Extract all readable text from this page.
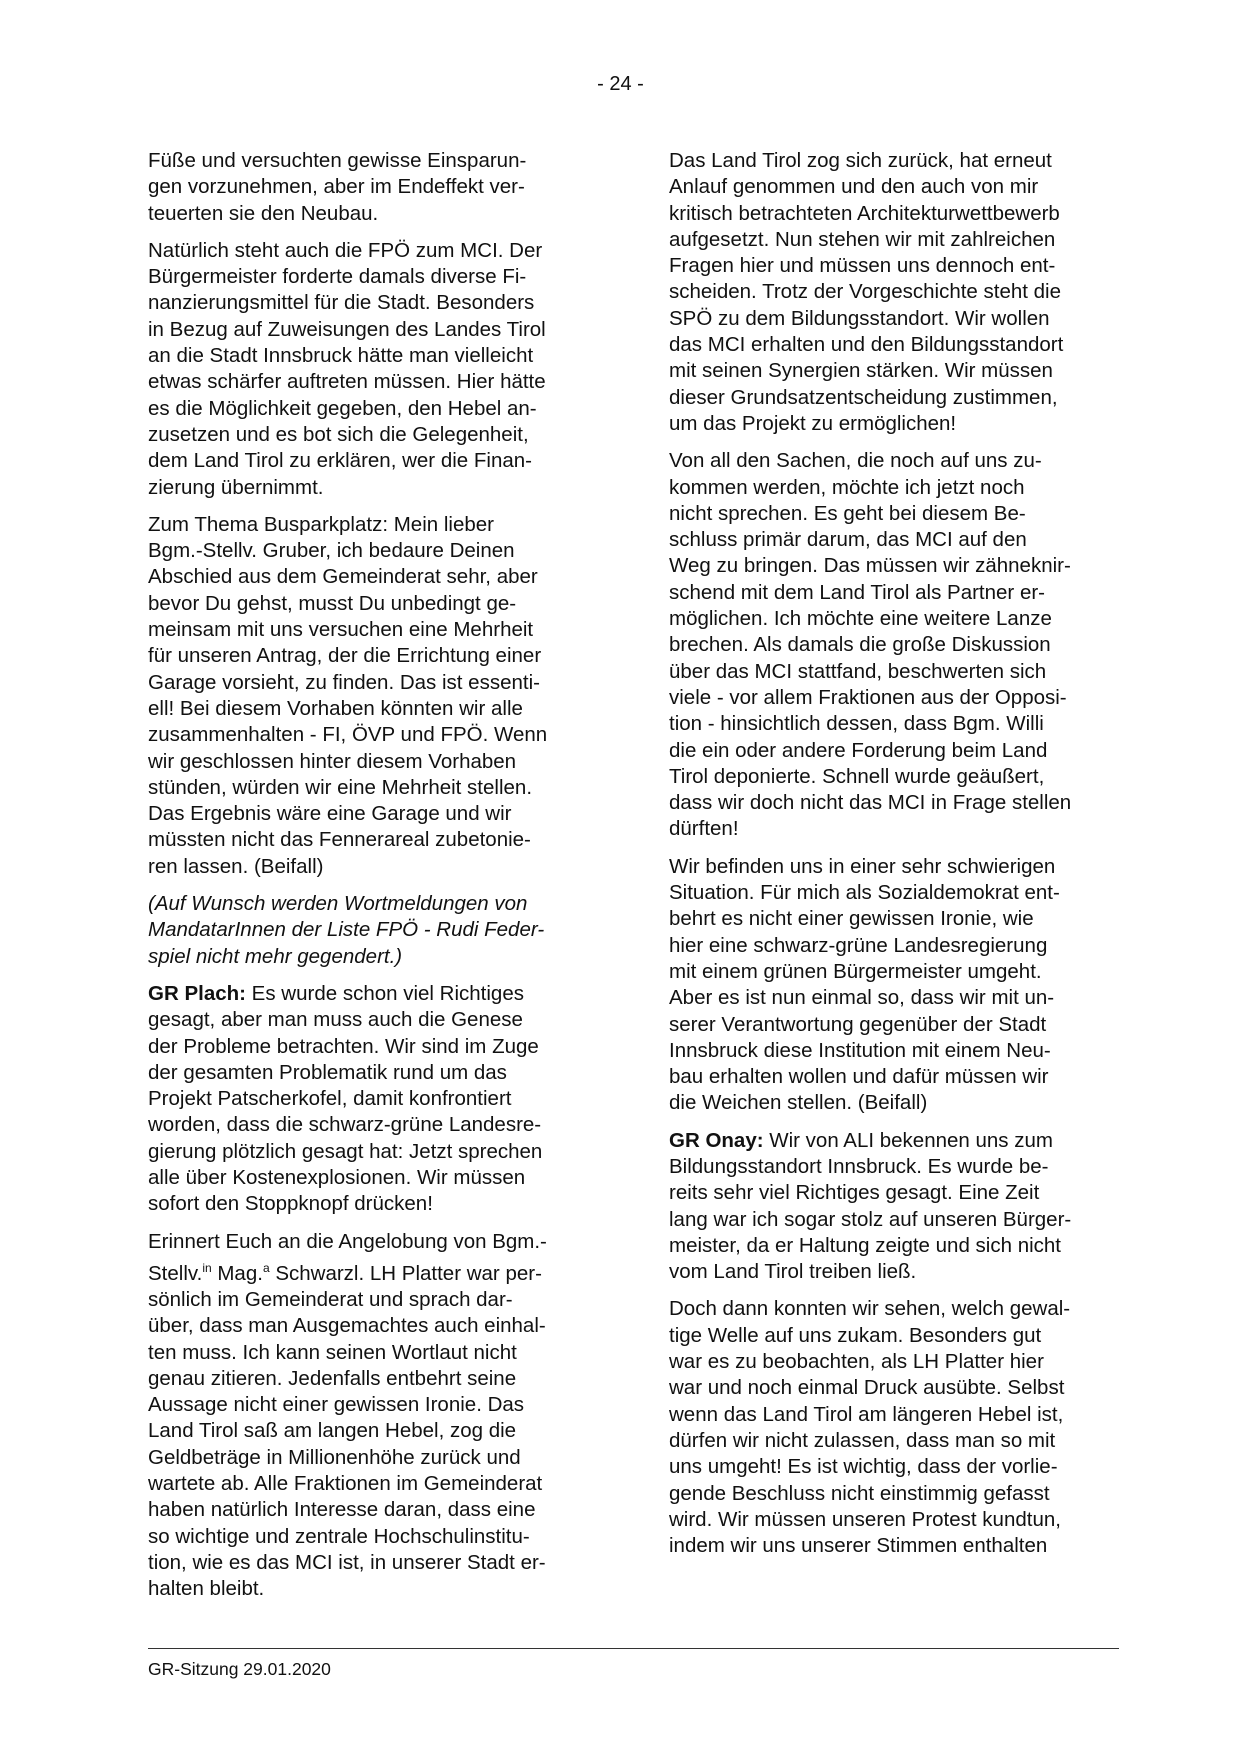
- 24 -

Füße und versuchten gewisse Einsparun-
gen vorzunehmen, aber im Endeffekt ver-
teuerten sie den Neubau.

Natürlich steht auch die FPÖ zum MCI. Der
Bürgermeister forderte damals diverse Fi-
nanzierungsmittel für die Stadt. Besonders
in Bezug auf Zuweisungen des Landes Tirol
an die Stadt Innsbruck hätte man vielleicht
etwas schärfer auftreten müssen. Hier hätte
es die Möglichkeit gegeben, den Hebel an-
zusetzen und es bot sich die Gelegenheit,
dem Land Tirol zu erklären, wer die Finan-
zierung übernimmt.

Zum Thema Busparkplatz: Mein lieber
Bgm.-Stellv. Gruber, ich bedaure Deinen
Abschied aus dem Gemeinderat sehr, aber
bevor Du gehst, musst Du unbedingt ge-
meinsam mit uns versuchen eine Mehrheit
für unseren Antrag, der die Errichtung einer
Garage vorsieht, zu finden. Das ist essenti-
ell! Bei diesem Vorhaben könnten wir alle
zusammenhalten - FI, ÖVP und FPÖ. Wenn
wir geschlossen hinter diesem Vorhaben
stünden, würden wir eine Mehrheit stellen.
Das Ergebnis wäre eine Garage und wir
müssten nicht das Fennerareal zubetonie-
ren lassen. (Beifall)

(Auf Wunsch werden Wortmeldungen von
MandatarInnen der Liste FPÖ - Rudi Feder-
spiel nicht mehr gegendert.)

GR Plach: Es wurde schon viel Richtiges
gesagt, aber man muss auch die Genese
der Probleme betrachten. Wir sind im Zuge
der gesamten Problematik rund um das
Projekt Patscherkofel, damit konfrontiert
worden, dass die schwarz-grüne Landesre-
gierung plötzlich gesagt hat: Jetzt sprechen
alle über Kostenexplosionen. Wir müssen
sofort den Stoppknopf drücken!

Erinnert Euch an die Angelobung von Bgm.-
Stellv.$^{in}$ Mag.$^a$ Schwarzl. LH Platter war per-
sönlich im Gemeinderat und sprach dar-
über, dass man Ausgemachtes auch einhal-
ten muss. Ich kann seinen Wortlaut nicht
genau zitieren. Jedenfalls entbehrt seine
Aussage nicht einer gewissen Ironie. Das
Land Tirol saß am langen Hebel, zog die
Geldbeträge in Millionenhöhe zurück und
wartete ab. Alle Fraktionen im Gemeinderat
haben natürlich Interesse daran, dass eine
so wichtige und zentrale Hochschulinstitu-
tion, wie es das MCI ist, in unserer Stadt er-
halten bleibt.

Das Land Tirol zog sich zurück, hat erneut
Anlauf genommen und den auch von mir
kritisch betrachteten Architekturwettbewerb
aufgesetzt. Nun stehen wir mit zahlreichen
Fragen hier und müssen uns dennoch ent-
scheiden. Trotz der Vorgeschichte steht die
SPÖ zu dem Bildungsstandort. Wir wollen
das MCI erhalten und den Bildungsstandort
mit seinen Synergien stärken. Wir müssen
dieser Grundsatzentscheidung zustimmen,
um das Projekt zu ermöglichen!

Von all den Sachen, die noch auf uns zu-
kommen werden, möchte ich jetzt noch
nicht sprechen. Es geht bei diesem Be-
schluss primär darum, das MCI auf den
Weg zu bringen. Das müssen wir zähneknir-
schend mit dem Land Tirol als Partner er-
möglichen. Ich möchte eine weitere Lanze
brechen. Als damals die große Diskussion
über das MCI stattfand, beschwerten sich
viele - vor allem Fraktionen aus der Opposi-
tion - hinsichtlich dessen, dass Bgm. Willi
die ein oder andere Forderung beim Land
Tirol deponierte. Schnell wurde geäußert,
dass wir doch nicht das MCI in Frage stellen
dürften!

Wir befinden uns in einer sehr schwierigen
Situation. Für mich als Sozialdemokrat ent-
behrt es nicht einer gewissen Ironie, wie
hier eine schwarz-grüne Landesregierung
mit einem grünen Bürgermeister umgeht.
Aber es ist nun einmal so, dass wir mit un-
serer Verantwortung gegenüber der Stadt
Innsbruck diese Institution mit einem Neu-
bau erhalten wollen und dafür müssen wir
die Weichen stellen. (Beifall)

GR Onay: Wir von ALI bekennen uns zum
Bildungsstandort Innsbruck. Es wurde be-
reits sehr viel Richtiges gesagt. Eine Zeit
lang war ich sogar stolz auf unseren Bürger-
meister, da er Haltung zeigte und sich nicht
vom Land Tirol treiben ließ.

Doch dann konnten wir sehen, welch gewal-
tige Welle auf uns zukam. Besonders gut
war es zu beobachten, als LH Platter hier
war und noch einmal Druck ausübte. Selbst
wenn das Land Tirol am längeren Hebel ist,
dürfen wir nicht zulassen, dass man so mit
uns umgeht! Es ist wichtig, dass der vorlie-
gende Beschluss nicht einstimmig gefasst
wird. Wir müssen unseren Protest kundtun,
indem wir uns unserer Stimmen enthalten

GR-Sitzung 29.01.2020
